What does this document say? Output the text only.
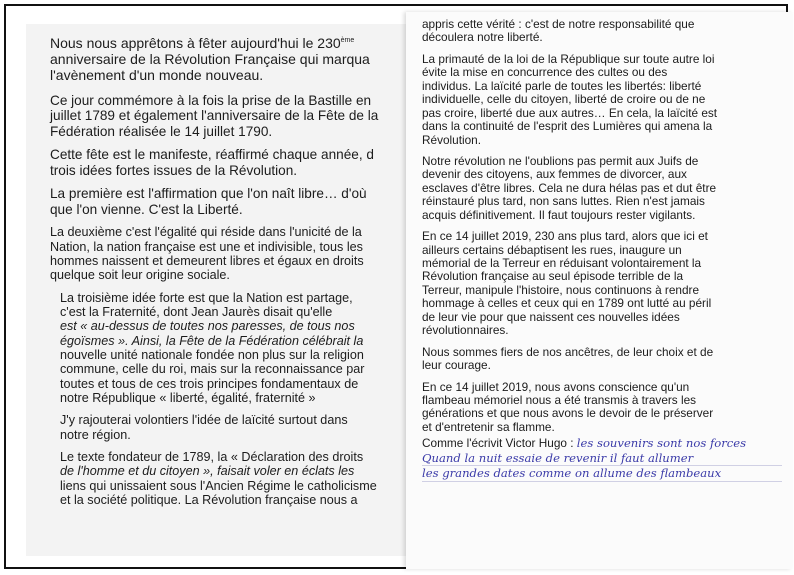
Nous nous apprêtons à fêter aujourd'hui le 230ème
anniversaire de la Révolution Française qui marqua
l'avènement d'un monde nouveau.

Ce jour commémore à la fois la prise de la Bastille en
juillet 1789 et également l'anniversaire de la Fête de la
Fédération réalisée le 14 juillet 1790.

Cette fête est le manifeste, réaffirmé chaque année, d
trois idées fortes issues de la Révolution.

La première est l'affirmation que l'on naît libre… d'où
que l'on vienne. C'est la Liberté.

La deuxième c'est l'égalité qui réside dans l'unicité de la
Nation, la nation française est une et indivisible, tous les
hommes naissent et demeurent libres et égaux en droits
quelque soit leur origine sociale.

La troisième idée forte est que la Nation est partage,
c'est la Fraternité, dont Jean Jaurès disait qu'elle
est « au-dessus de toutes nos paresses, de tous nos
égoïsmes ». Ainsi, la Fête de la Fédération célébrait la
nouvelle unité nationale fondée non plus sur la religion
commune, celle du roi, mais sur la reconnaissance par
toutes et tous de ces trois principes fondamentaux de
notre République « liberté, égalité, fraternité »

J'y rajouterai volontiers l'idée de laïcité surtout dans
notre région.

Le texte fondateur de 1789, la « Déclaration des droits
de l'homme et du citoyen », faisait voler en éclats les
liens qui unissaient sous l'Ancien Régime le catholicisme
et la société politique. La Révolution française nous a

appris cette vérité : c'est de notre responsabilité que
découlera notre liberté.

La primauté de la loi de la République sur toute autre loi
évite la mise en concurrence des cultes ou des
individus. La laïcité parle de toutes les libertés: liberté
individuelle, celle du citoyen, liberté de croire ou de ne
pas croire, liberté due aux autres… En cela, la laïcité est
dans la continuité de l'esprit des Lumières qui amena la
Révolution.

Notre révolution ne l'oublions pas permit aux Juifs de
devenir des citoyens, aux femmes de divorcer, aux
esclaves d'être libres. Cela ne dura hélas pas et dut être
réinstauré plus tard, non sans luttes. Rien n'est jamais
acquis définitivement. Il faut toujours rester vigilants.

En ce 14 juillet 2019, 230 ans plus tard, alors que ici et
ailleurs certains débaptisent les rues, inaugure un
mémorial de la Terreur en réduisant volontairement la
Révolution française au seul épisode terrible de la
Terreur, manipule l'histoire, nous continuons à rendre
hommage à celles et ceux qui en 1789 ont lutté au péril
de leur vie pour que naissent ces nouvelles idées
révolutionnaires.

Nous sommes fiers de nos ancêtres, de leur choix et de
leur courage.

En ce 14 juillet 2019, nous avons conscience qu'un
flambeau mémoriel nous a été transmis à travers les
générations et que nous avons le devoir de le préserver
et d'entretenir sa flamme.

Comme l'écrivit Victor Hugo : les souvenirs sont nos forces

Quand la nuit essaie de revenir il faut allumer
les grandes dates comme on allume des flambeaux
